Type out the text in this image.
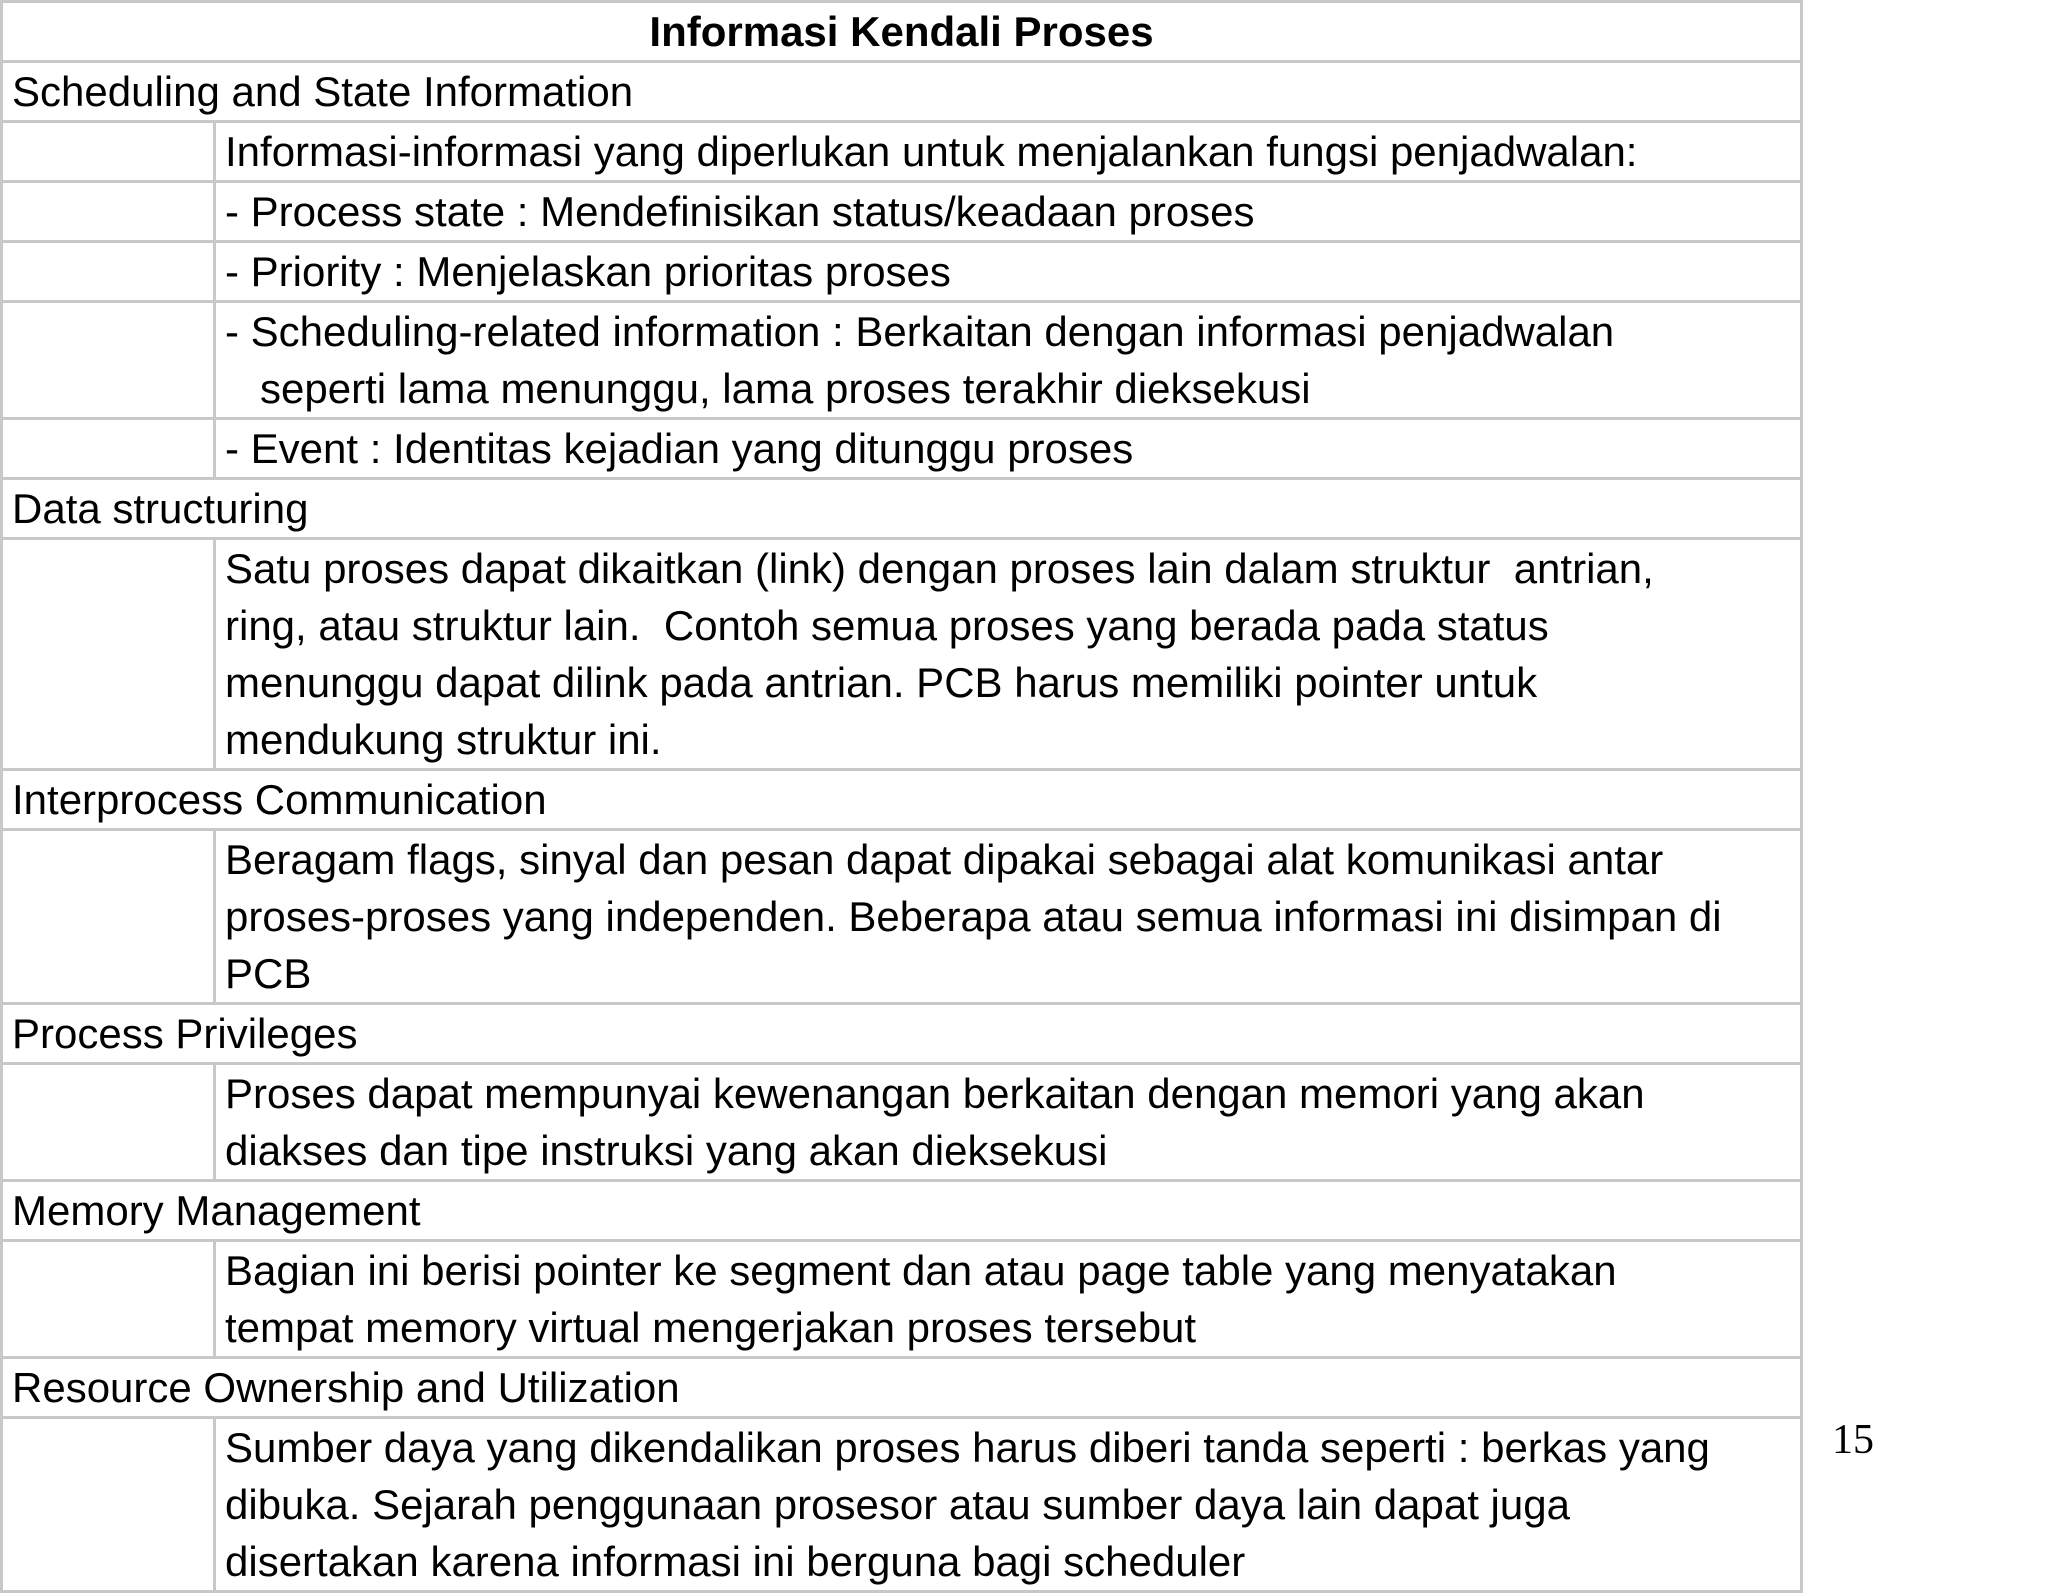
Informasi Kendali Proses	
Scheduling and State Information	
	Informasi-informasi yang diperlukan untuk menjalankan fungsi penjadwalan:
	- Process state : Mendefinisikan status/keadaan proses
	- Priority : Menjelaskan prioritas proses
	- Scheduling-related information : Berkaitan dengan informasi penjadwalan
seperti lama menunggu, lama proses terakhir dieksekusi
	- Event : Identitas kejadian yang ditunggu proses
Data structuring	
	Satu proses dapat dikaitkan (link) dengan proses lain dalam struktur  antrian,
ring, atau struktur lain.  Contoh semua proses yang berada pada status
menunggu dapat dilink pada antrian. PCB harus memiliki pointer untuk
mendukung struktur ini.
Interprocess Communication	
	Beragam flags, sinyal dan pesan dapat dipakai sebagai alat komunikasi antar
proses-proses yang independen. Beberapa atau semua informasi ini disimpan di
PCB
Process Privileges	
	Proses dapat mempunyai kewenangan berkaitan dengan memori yang akan
diakses dan tipe instruksi yang akan dieksekusi
Memory Management	
	Bagian ini berisi pointer ke segment dan atau page table yang menyatakan
tempat memory virtual mengerjakan proses tersebut
Resource Ownership and Utilization	
	Sumber daya yang dikendalikan proses harus diberi tanda seperti : berkas yang
dibuka. Sejarah penggunaan prosesor atau sumber daya lain dapat juga
disertakan karena informasi ini berguna bagi scheduler
15
